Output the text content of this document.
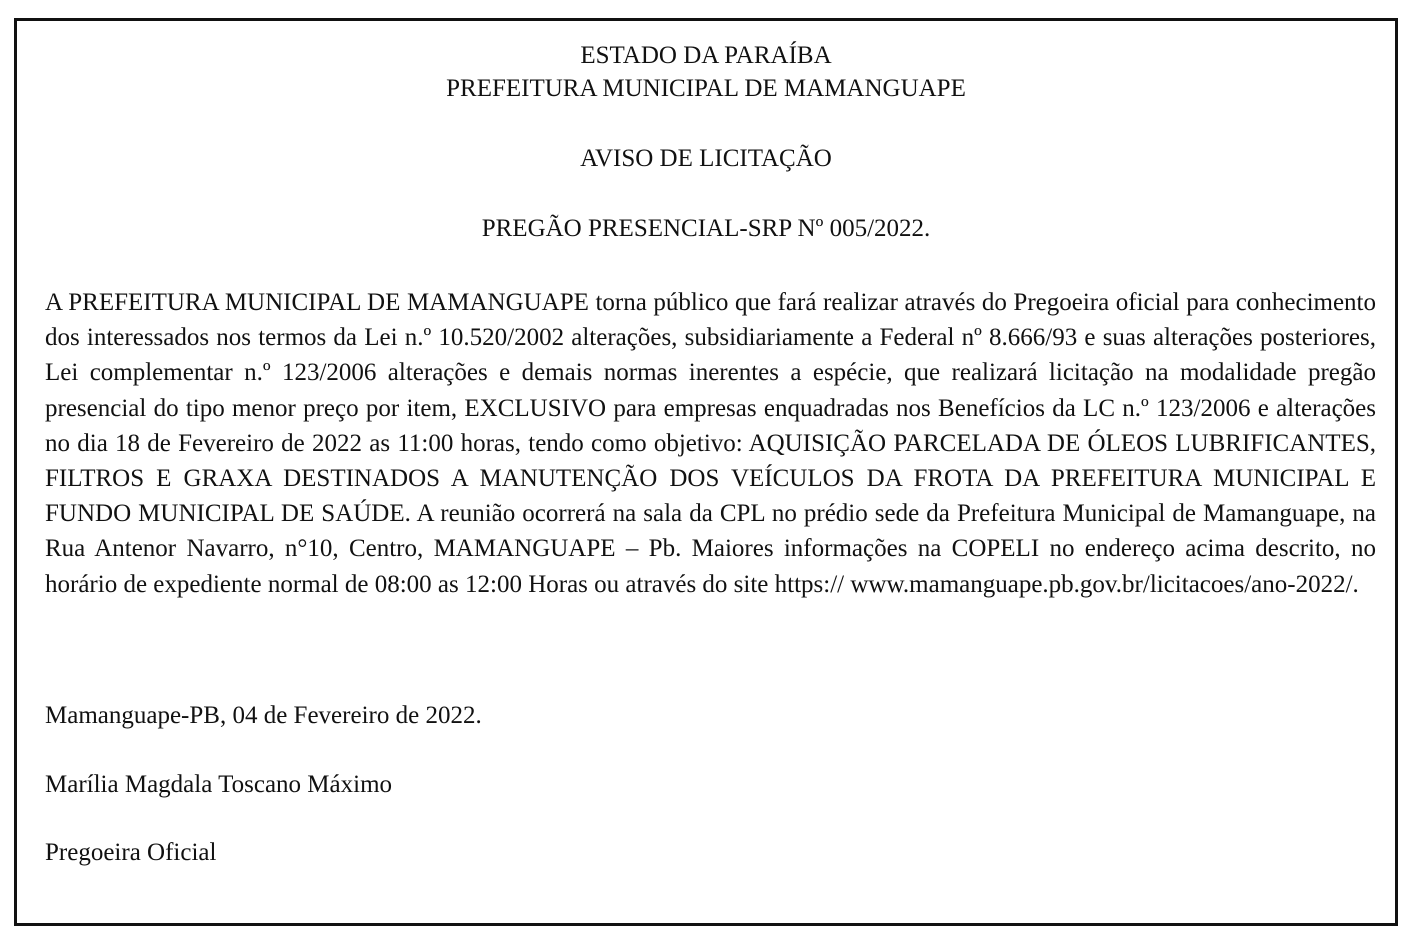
ESTADO DA PARAÍBA
PREFEITURA MUNICIPAL DE MAMANGUAPE
AVISO DE LICITAÇÃO
PREGÃO PRESENCIAL-SRP Nº 005/2022.

A PREFEITURA MUNICIPAL DE MAMANGUAPE torna público que fará realizar através do Pregoeira oficial para conhecimento dos interessados nos termos da Lei n.º 10.520/2002 alterações, subsidiariamente a Federal nº 8.666/93 e suas alterações posteriores, Lei complementar n.º 123/2006 alterações e demais normas inerentes a espécie, que realizará licitação na modalidade pregão presencial do tipo menor preço por item, EXCLUSIVO para empresas enquadradas nos Benefícios da LC n.º 123/2006 e alterações no dia 18 de Fevereiro de 2022 as 11:00 horas, tendo como objetivo: AQUISIÇÃO PARCELADA DE ÓLEOS LUBRIFICANTES, FILTROS E GRAXA DESTINADOS A MANUTENÇÃO DOS VEÍCULOS DA FROTA DA PREFEITURA MUNICIPAL E FUNDO MUNICIPAL DE SAÚDE. A reunião ocorrerá na sala da CPL no prédio sede da Prefeitura Municipal de Mamanguape, na Rua Antenor Navarro, n°10, Centro, MAMANGUAPE – Pb. Maiores informações na COPELI no endereço acima descrito, no horário de expediente normal de 08:00 as 12:00 Horas ou através do site https:// www.mamanguape.pb.gov.br/licitacoes/ano-2022/.

Mamanguape-PB, 04 de Fevereiro de 2022.
Marília Magdala Toscano Máximo
Pregoeira Oficial
